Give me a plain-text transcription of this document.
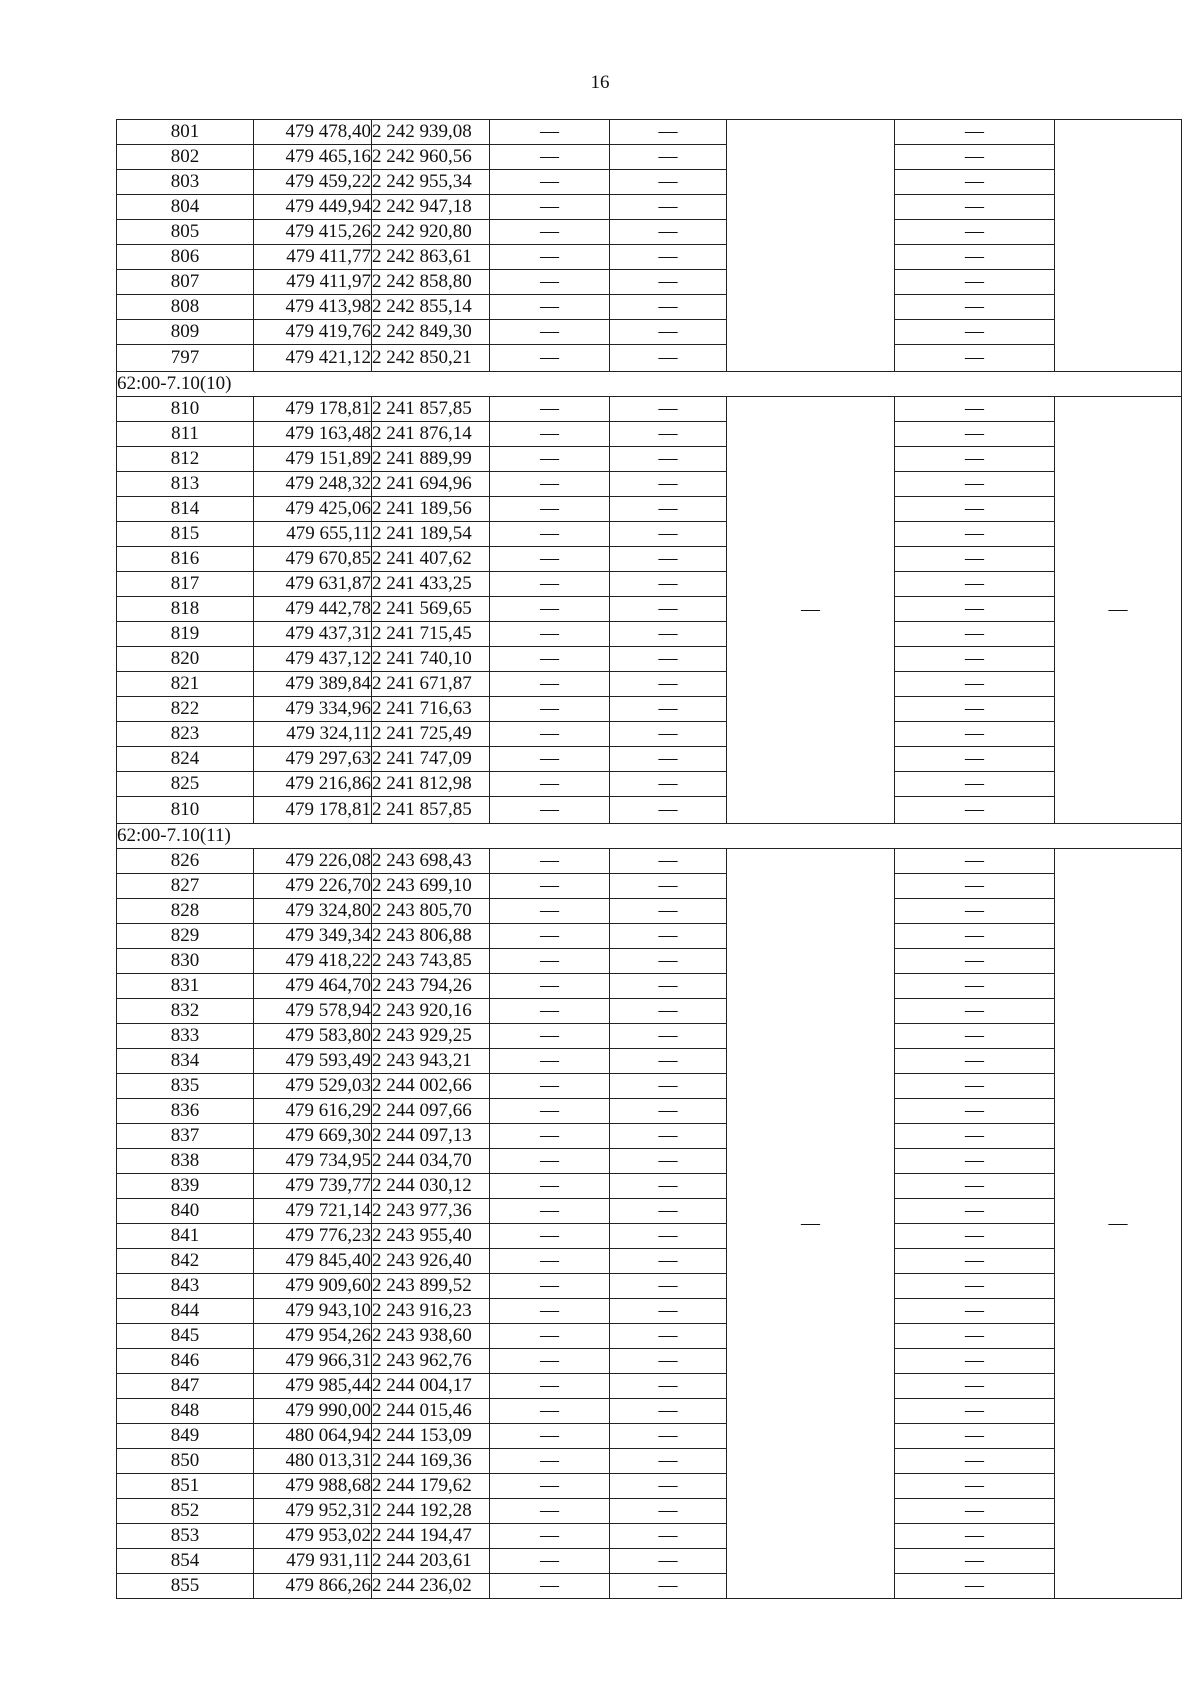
16
801	479 478,40	2 242 939,08	—	—		—	
802	479 465,16	2 242 960,56	—	—		—	
803	479 459,22	2 242 955,34	—	—		—	
804	479 449,94	2 242 947,18	—	—		—	
805	479 415,26	2 242 920,80	—	—		—	
806	479 411,77	2 242 863,61	—	—		—	
807	479 411,97	2 242 858,80	—	—		—	
808	479 413,98	2 242 855,14	—	—		—	
809	479 419,76	2 242 849,30	—	—		—	
797	479 421,12	2 242 850,21	—	—		—	
62:00-7.10(10)							
810	479 178,81	2 241 857,85	—	—	—	—	—
811	479 163,48	2 241 876,14	—	—		—	
812	479 151,89	2 241 889,99	—	—		—	
813	479 248,32	2 241 694,96	—	—		—	
814	479 425,06	2 241 189,56	—	—		—	
815	479 655,11	2 241 189,54	—	—		—	
816	479 670,85	2 241 407,62	—	—		—	
817	479 631,87	2 241 433,25	—	—		—	
818	479 442,78	2 241 569,65	—	—		—	
819	479 437,31	2 241 715,45	—	—		—	
820	479 437,12	2 241 740,10	—	—		—	
821	479 389,84	2 241 671,87	—	—		—	
822	479 334,96	2 241 716,63	—	—		—	
823	479 324,11	2 241 725,49	—	—		—	
824	479 297,63	2 241 747,09	—	—		—	
825	479 216,86	2 241 812,98	—	—		—	
810	479 178,81	2 241 857,85	—	—		—	
62:00-7.10(11)							
826	479 226,08	2 243 698,43	—	—	—	—	—
827	479 226,70	2 243 699,10	—	—		—	
828	479 324,80	2 243 805,70	—	—		—	
829	479 349,34	2 243 806,88	—	—		—	
830	479 418,22	2 243 743,85	—	—		—	
831	479 464,70	2 243 794,26	—	—		—	
832	479 578,94	2 243 920,16	—	—		—	
833	479 583,80	2 243 929,25	—	—		—	
834	479 593,49	2 243 943,21	—	—		—	
835	479 529,03	2 244 002,66	—	—		—	
836	479 616,29	2 244 097,66	—	—		—	
837	479 669,30	2 244 097,13	—	—		—	
838	479 734,95	2 244 034,70	—	—		—	
839	479 739,77	2 244 030,12	—	—		—	
840	479 721,14	2 243 977,36	—	—		—	
841	479 776,23	2 243 955,40	—	—		—	
842	479 845,40	2 243 926,40	—	—		—	
843	479 909,60	2 243 899,52	—	—		—	
844	479 943,10	2 243 916,23	—	—		—	
845	479 954,26	2 243 938,60	—	—		—	
846	479 966,31	2 243 962,76	—	—		—	
847	479 985,44	2 244 004,17	—	—		—	
848	479 990,00	2 244 015,46	—	—		—	
849	480 064,94	2 244 153,09	—	—		—	
850	480 013,31	2 244 169,36	—	—		—	
851	479 988,68	2 244 179,62	—	—		—	
852	479 952,31	2 244 192,28	—	—		—	
853	479 953,02	2 244 194,47	—	—		—	
854	479 931,11	2 244 203,61	—	—		—	
855	479 866,26	2 244 236,02	—	—		—	
